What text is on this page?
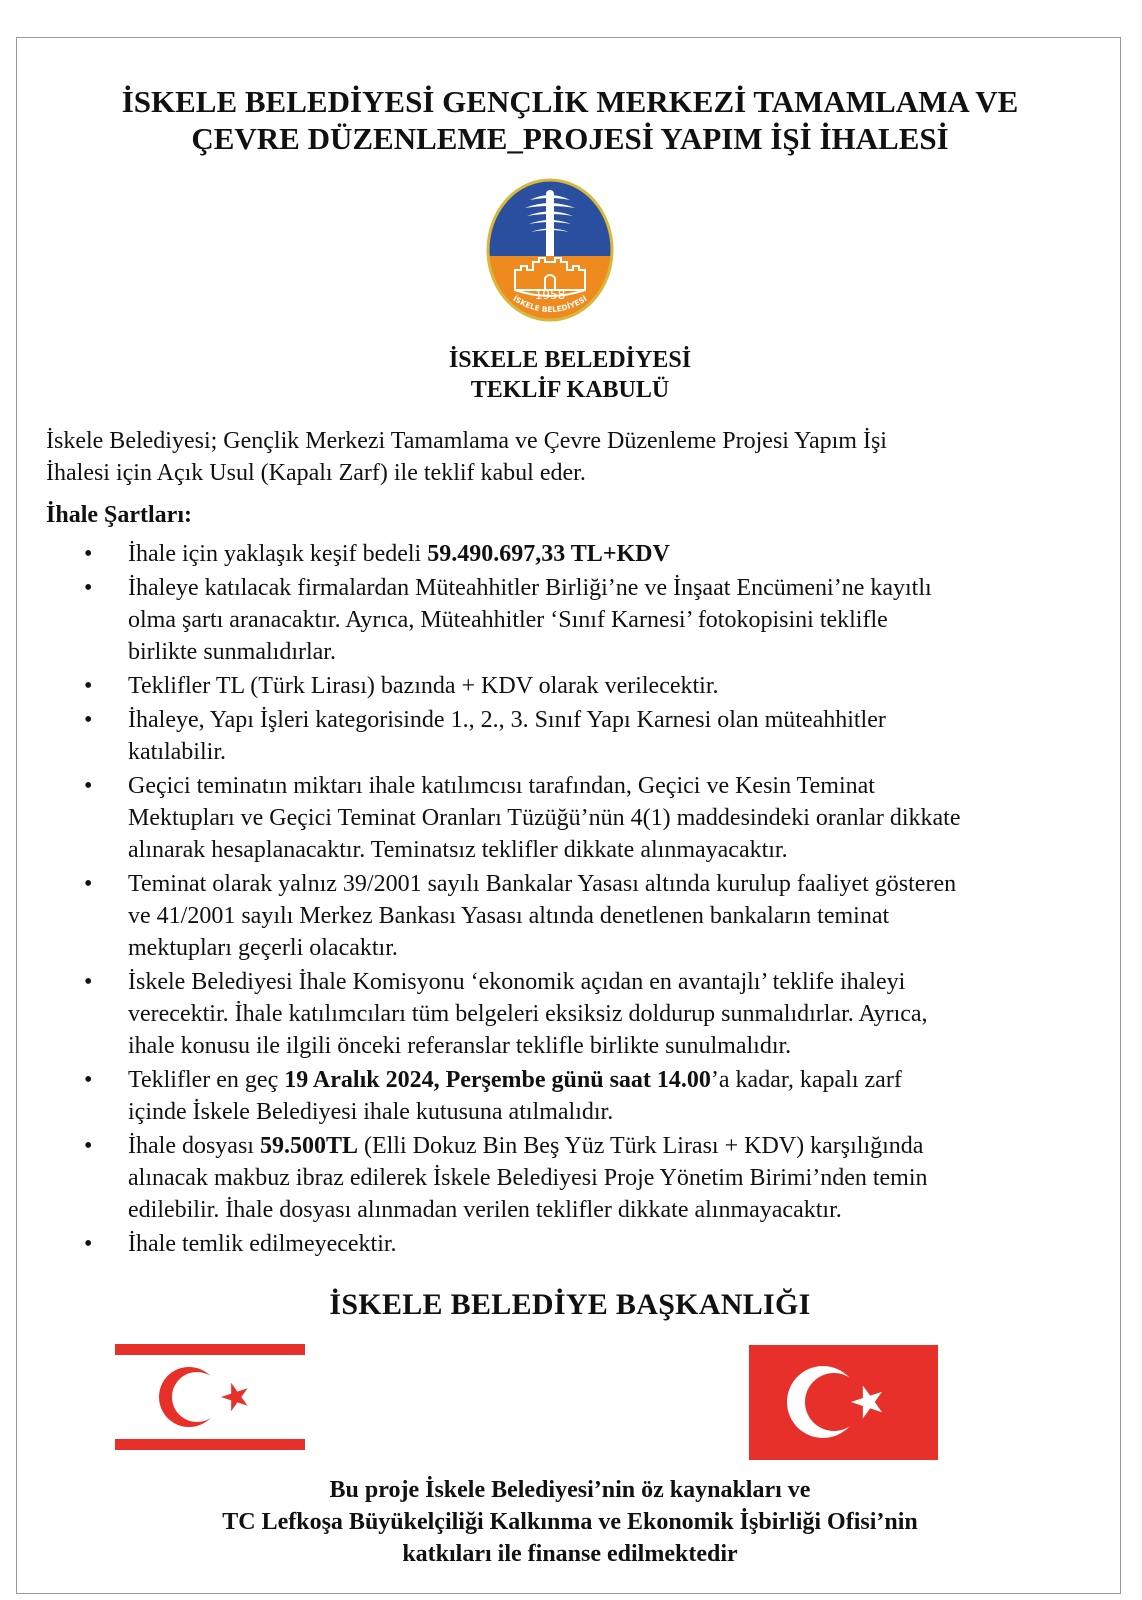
İSKELE BELEDİYESİ GENÇLİK MERKEZİ TAMAMLAMA VE
ÇEVRE DÜZENLEME_PROJESİ YAPIM İŞİ İHALESİ
1958
İSKELE BELEDİYESİ
İSKELE BELEDİYESİ
TEKLİF KABULÜ
İskele Belediyesi; Gençlik Merkezi Tamamlama ve Çevre Düzenleme Projesi Yapım İşi
İhalesi için Açık Usul (Kapalı Zarf) ile teklif kabul eder.
İhale Şartları:
• İhale için yaklaşık keşif bedeli 59.490.697,33 TL+KDV
• İhaleye katılacak firmalardan Müteahhitler Birliği’ne ve İnşaat Encümeni’ne kayıtlı
olma şartı aranacaktır. Ayrıca, Müteahhitler ‘Sınıf Karnesi’ fotokopisini teklifle
birlikte sunmalıdırlar.
• Teklifler TL (Türk Lirası) bazında + KDV olarak verilecektir.
• İhaleye, Yapı İşleri kategorisinde 1., 2., 3. Sınıf Yapı Karnesi olan müteahhitler
katılabilir.
• Geçici teminatın miktarı ihale katılımcısı tarafından, Geçici ve Kesin Teminat
Mektupları ve Geçici Teminat Oranları Tüzüğü’nün 4(1) maddesindeki oranlar dikkate
alınarak hesaplanacaktır. Teminatsız teklifler dikkate alınmayacaktır.
• Teminat olarak yalnız 39/2001 sayılı Bankalar Yasası altında kurulup faaliyet gösteren
ve 41/2001 sayılı Merkez Bankası Yasası altında denetlenen bankaların teminat
mektupları geçerli olacaktır.
• İskele Belediyesi İhale Komisyonu ‘ekonomik açıdan en avantajlı’ teklife ihaleyi
verecektir. İhale katılımcıları tüm belgeleri eksiksiz doldurup sunmalıdırlar. Ayrıca,
ihale konusu ile ilgili önceki referanslar teklifle birlikte sunulmalıdır.
• Teklifler en geç 19 Aralık 2024, Perşembe günü saat 14.00’a kadar, kapalı zarf
içinde İskele Belediyesi ihale kutusuna atılmalıdır.
• İhale dosyası 59.500TL (Elli Dokuz Bin Beş Yüz Türk Lirası + KDV) karşılığında
alınacak makbuz ibraz edilerek İskele Belediyesi Proje Yönetim Birimi’nden temin
edilebilir. İhale dosyası alınmadan verilen teklifler dikkate alınmayacaktır.
• İhale temlik edilmeyecektir.
İSKELE BELEDİYE BAŞKANLIĞI
Bu proje İskele Belediyesi’nin öz kaynakları ve
TC Lefkoşa Büyükelçiliği Kalkınma ve Ekonomik İşbirliği Ofisi’nin
katkıları ile finanse edilmektedir
